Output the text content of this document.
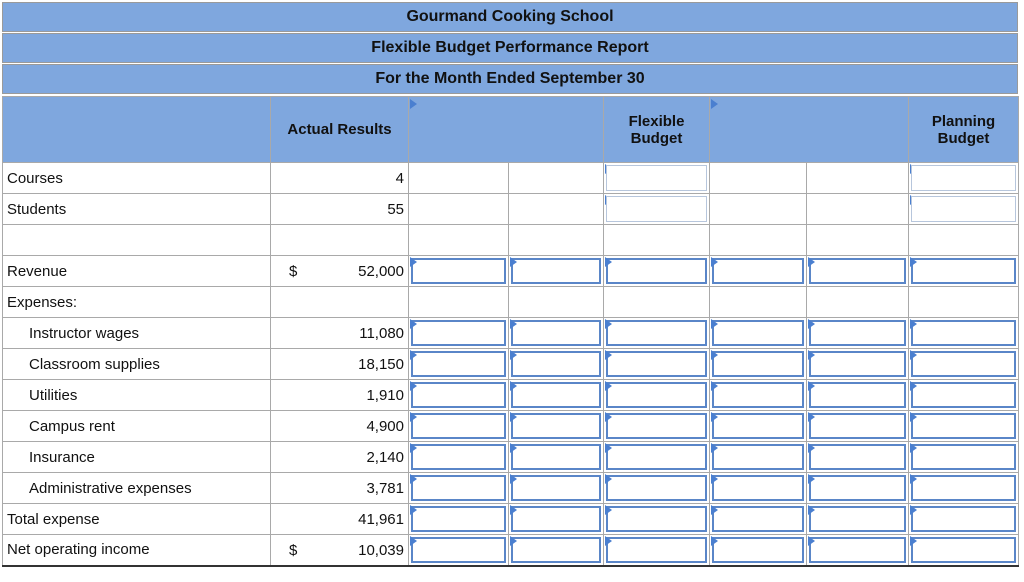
Gourmand Cooking School
Flexible Budget Performance Report
For the Month Ended September 30
	Actual Results			Flexible Budget			Planning Budget

Courses	4			

Students	55			

Revenue	$ 52,000						

Expenses:							
Instructor wages	11,080	

Classroom supplies	18,150	

Utilities	1,910	

Campus rent	4,900	

Insurance	2,140	

Administrative expenses	3,781	

Total expense	41,961	

Net operating income	$ 10,039						
